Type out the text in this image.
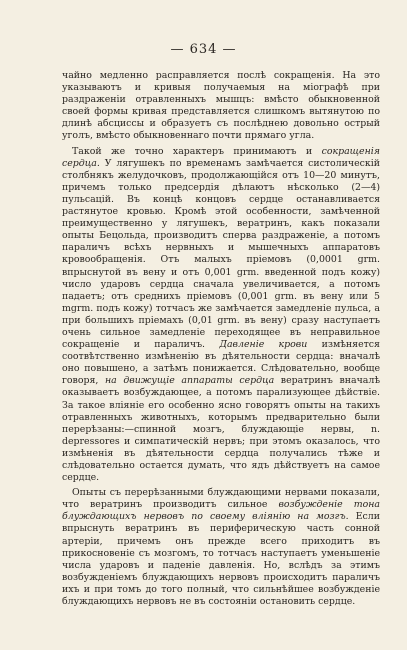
— 634 —

чайно медленно расправляется послѣ сокращенія. На это указываютъ и кривыя получаемыя на міографѣ при раздраженіи отравленныхъ мышцъ: вмѣсто обыкновенной своей формы кривая представляется слишкомъ вытянутою по длинѣ абсциссы и образуетъ съ послѣднею довольно острый уголъ, вмѣсто обыкновеннаго почти прямаго угла.

Такой же точно характеръ принимаютъ и сокращенія сердца. У лягушекъ по временамъ замѣчается систолическій столбнякъ желудочковъ, продолжающійся отъ 10—20 минутъ, причемъ только предсердія дѣлаютъ нѣсколько (2—4) пульсацій. Въ концѣ концовъ сердце останавливается растянутое кровью. Кромѣ этой особенности, замѣченной преимущественно у лягушекъ, вератринъ, какъ показали опыты Бецольда, производитъ сперва раздраженіе, а потомъ параличъ всѣхъ нервныхъ и мышечныхъ аппаратовъ кровообращенія. Отъ малыхъ пріемовъ (0,0001 grm. впрыснутой въ вену и отъ 0,001 grm. введенной подъ кожу) число ударовъ сердца сначала увеличивается, а потомъ падаетъ; отъ среднихъ пріемовъ (0,001 grm. въ вену или 5 mgrm. подъ кожу) тотчасъ же замѣчается замедленіе пульса, а при большихъ пріемахъ (0,01 grm. въ вену) сразу наступаетъ очень сильное замедленіе переходящее въ неправильное сокращеніе и параличъ. Давленіе крови измѣняется соотвѣтственно измѣненію въ дѣятельности сердца: вначалѣ оно повышено, а затѣмъ понижается. Слѣдовательно, вообще говоря, на движущіе аппараты сердца вератринъ вначалѣ оказываетъ возбуждающее, а потомъ парализующее дѣйствіе. За такое вліяніе его особенно ясно говорятъ опыты на такихъ отравленныхъ животныхъ, которымъ предварительно были перерѣзаны:—спинной мозгъ, блуждающіе нервы, n. depressores и симпатическій нервъ; при этомъ оказалось, что измѣненія въ дѣятельности сердца получались тѣже и слѣдовательно остается думать, что ядъ дѣйствуетъ на самое сердце.

Опыты съ перерѣзанными блуждающими нервами показали, что вератринъ производитъ сильное возбужденіе тона блуждающихъ нервовъ по своему вліянію на мозгъ. Если впрыснуть вератринъ въ периферическую часть сонной артеріи, причемъ онъ прежде всего приходитъ въ прикосновеніе съ мозгомъ, то тотчасъ наступаетъ уменьшеніе числа ударовъ и паденіе давленія. Но, вслѣдъ за этимъ возбужденіемъ блуждающихъ нервовъ происходитъ параличъ ихъ и при томъ до того полный, что сильнѣйшее возбужденіе блуждающихъ нервовъ не въ состояніи остановить сердце.
